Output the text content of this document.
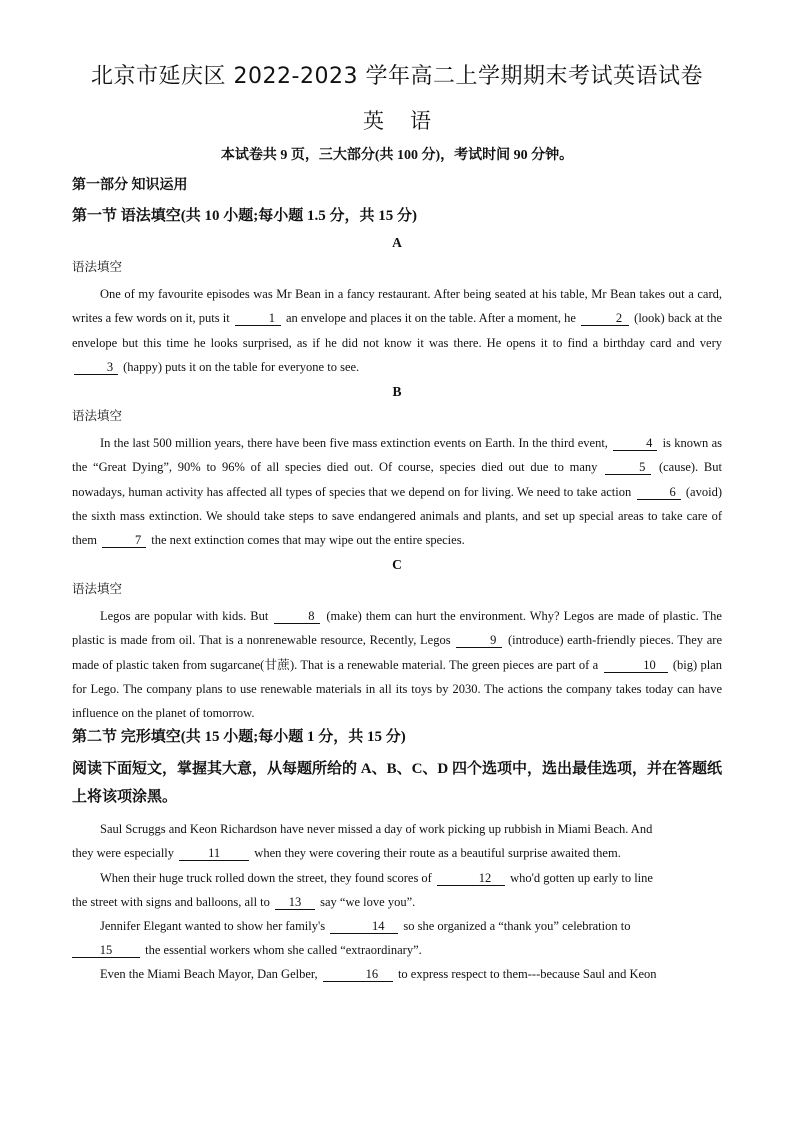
北京市延庆区 2022-2023 学年高二上学期期末考试英语试卷
英语
本试卷共 9 页，三大部分(共 100 分)，考试时间 90 分钟。
第一部分 知识运用
第一节 语法填空(共 10 小题;每小题 1.5 分，共 15 分)
A
语法填空

One of my favourite episodes was Mr Bean in a fancy restaurant. After being seated at his table, Mr Bean takes out a card, writes a few words on it, puts it	1 an envelope and places it on the table. After a moment, he	2 (look) back at the envelope but this time he looks surprised, as if he did not know it was there. He opens it to find a birthday card and very 3 (happy) puts it on the table for everyone to see.

B
语法填空

In the last 500 million years, there have been five mass extinction events on Earth. In the third event,	4 is known as the “Great Dying”, 90% to 96% of all species died out. Of course, species died out due to many	5 (cause). But nowadays, human activity has affected all types of species that we depend on for living. We need to take action	6 (avoid) the sixth mass extinction. We should take steps to save endangered animals and plants, and set up special areas to take care of them	7 the next extinction comes that may wipe out the entire species.

C
语法填空

Legos are popular with kids. But	8 (make) them can hurt the environment. Why? Legos are made of plastic. The plastic is made from oil. That is a nonrenewable resource, Recently, Legos	9 (introduce) earth-friendly pieces. They are made of plastic taken from sugarcane(甘蔗). That is a renewable material. The green pieces are part of a	10 (big) plan for Lego. The company plans to use renewable materials in all its toys by 2030. The actions the company takes today can have influence on the planet of tomorrow.

第二节 完形填空(共 15 小题;每小题 1 分，共 15 分)
阅读下面短文，掌握其大意，从每题所给的 A、B、C、D 四个选项中，选出最佳选项，并在答题纸上将该项涂黑。

Saul Scruggs and Keon Richardson have never missed a day of work picking up rubbish in Miami Beach. And

they were especially 11 when they were covering their route as a beautiful surprise awaited them.

When their huge truck rolled down the street, they found scores of	12 who'd gotten up early to line

the street with signs and balloons, all to 13 say “we love you”.

Jennifer Elegant wanted to show her family's	14 so she organized a “thank you” celebration to

15 the essential workers whom she called “extraordinary”.

Even the Miami Beach Mayor, Dan Gelber,	16 to express respect to them---because Saul and Keon
